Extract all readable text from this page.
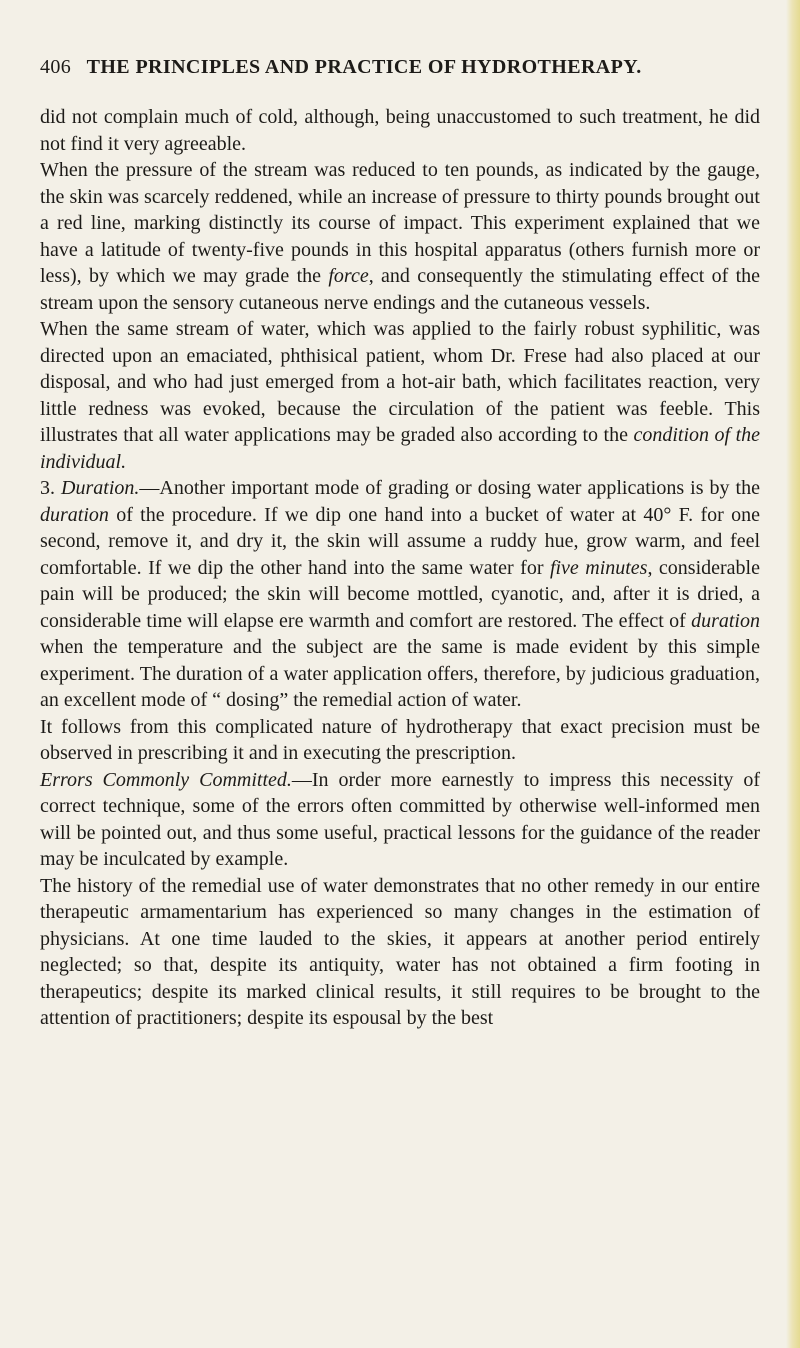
406 THE PRINCIPLES AND PRACTICE OF HYDROTHERAPY.

did not complain much of cold, although, being unaccustomed to such treatment, he did not find it very agreeable.

When the pressure of the stream was reduced to ten pounds, as indicated by the gauge, the skin was scarcely reddened, while an increase of pressure to thirty pounds brought out a red line, marking distinctly its course of impact. This experiment explained that we have a latitude of twenty-five pounds in this hospital apparatus (others furnish more or less), by which we may grade the force, and consequently the stimulating effect of the stream upon the sensory cutaneous nerve endings and the cutaneous vessels.

When the same stream of water, which was applied to the fairly robust syphilitic, was directed upon an emaciated, phthisical patient, whom Dr. Frese had also placed at our disposal, and who had just emerged from a hot-air bath, which facilitates reaction, very little redness was evoked, because the circulation of the patient was feeble. This illustrates that all water applications may be graded also according to the condition of the individual.

3. Duration.—Another important mode of grading or dosing water applications is by the duration of the procedure. If we dip one hand into a bucket of water at 40° F. for one second, remove it, and dry it, the skin will assume a ruddy hue, grow warm, and feel comfortable. If we dip the other hand into the same water for five minutes, considerable pain will be produced; the skin will become mottled, cyanotic, and, after it is dried, a considerable time will elapse ere warmth and comfort are restored. The effect of duration when the temperature and the subject are the same is made evident by this simple experiment. The duration of a water application offers, therefore, by judicious graduation, an excellent mode of “ dosing” the remedial action of water.

It follows from this complicated nature of hydrotherapy that exact precision must be observed in prescribing it and in executing the prescription.

Errors Commonly Committed.—In order more earnestly to impress this necessity of correct technique, some of the errors often committed by otherwise well-informed men will be pointed out, and thus some useful, practical lessons for the guidance of the reader may be inculcated by example.

The history of the remedial use of water demonstrates that no other remedy in our entire therapeutic armamentarium has experienced so many changes in the estimation of physicians. At one time lauded to the skies, it appears at another period entirely neglected; so that, despite its antiquity, water has not obtained a firm footing in therapeutics; despite its marked clinical results, it still requires to be brought to the attention of practitioners; despite its espousal by the best
